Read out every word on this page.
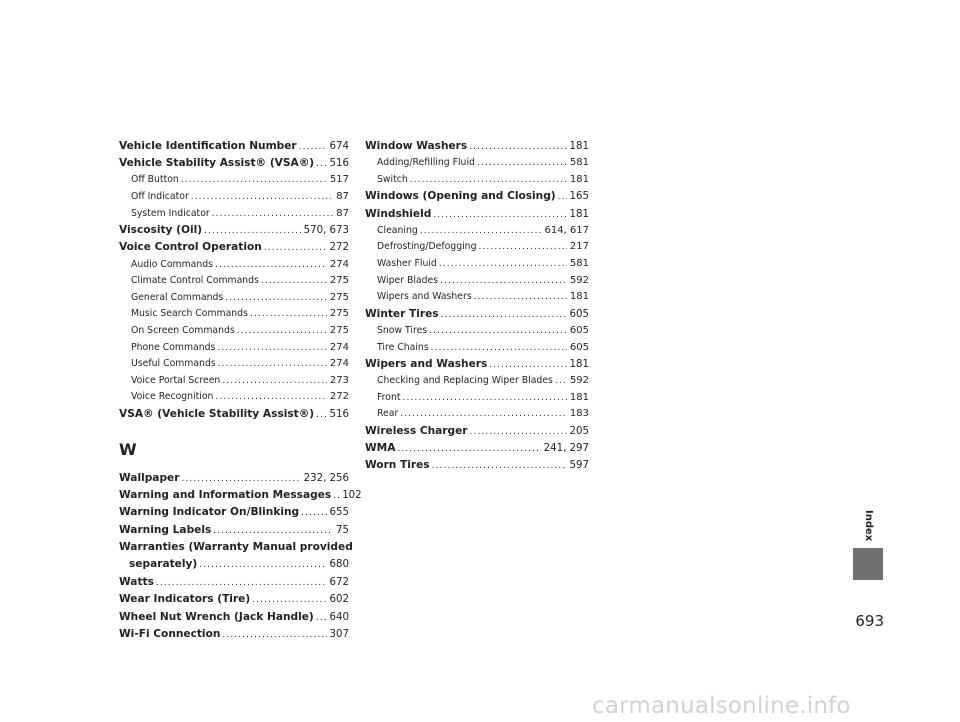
Vehicle Identification Number .....	674
Vehicle Stability Assist® (VSA®) ..... 516
Off Button .....	517
Off Indicator .....	87
System Indicator .....	87
Viscosity (Oil) .....	570, 673
Voice Control Operation .....	272
Audio Commands .....	274
Climate Control Commands .....	275
General Commands .....	275
Music Search Commands .....	275
On Screen Commands .....	275
Phone Commands .....	274
Useful Commands .....	274
Voice Portal Screen .....	273
Voice Recognition .....	272
VSA® (Vehicle Stability Assist®) ..... 516
W
Wallpaper .....	232, 256
Warning and Information Messages ..... 102
Warning Indicator On/Blinking .....	655
Warning Labels .....	75
Warranties (Warranty Manual provided
separately) .....	680
Watts .....	672
Wear Indicators (Tire) .....	602
Wheel Nut Wrench (Jack Handle) ..... 640
Wi-Fi Connection .....	307
Window Washers .....	181
Adding/Refilling Fluid .....	581
Switch .....	181
Windows (Opening and Closing) ..... 165
Windshield .....	181
Cleaning .....	614, 617
Defrosting/Defogging .....	217
Washer Fluid .....	581
Wiper Blades .....	592
Wipers and Washers .....	181
Winter Tires .....	605
Snow Tires .....	605
Tire Chains .....	605
Wipers and Washers .....	181
Checking and Replacing Wiper Blades ..... 592
Front .....	181
Rear .....	183
Wireless Charger .....	205
WMA .....	241, 297
Worn Tires .....	597
Index
693
carmanualsonline.info
